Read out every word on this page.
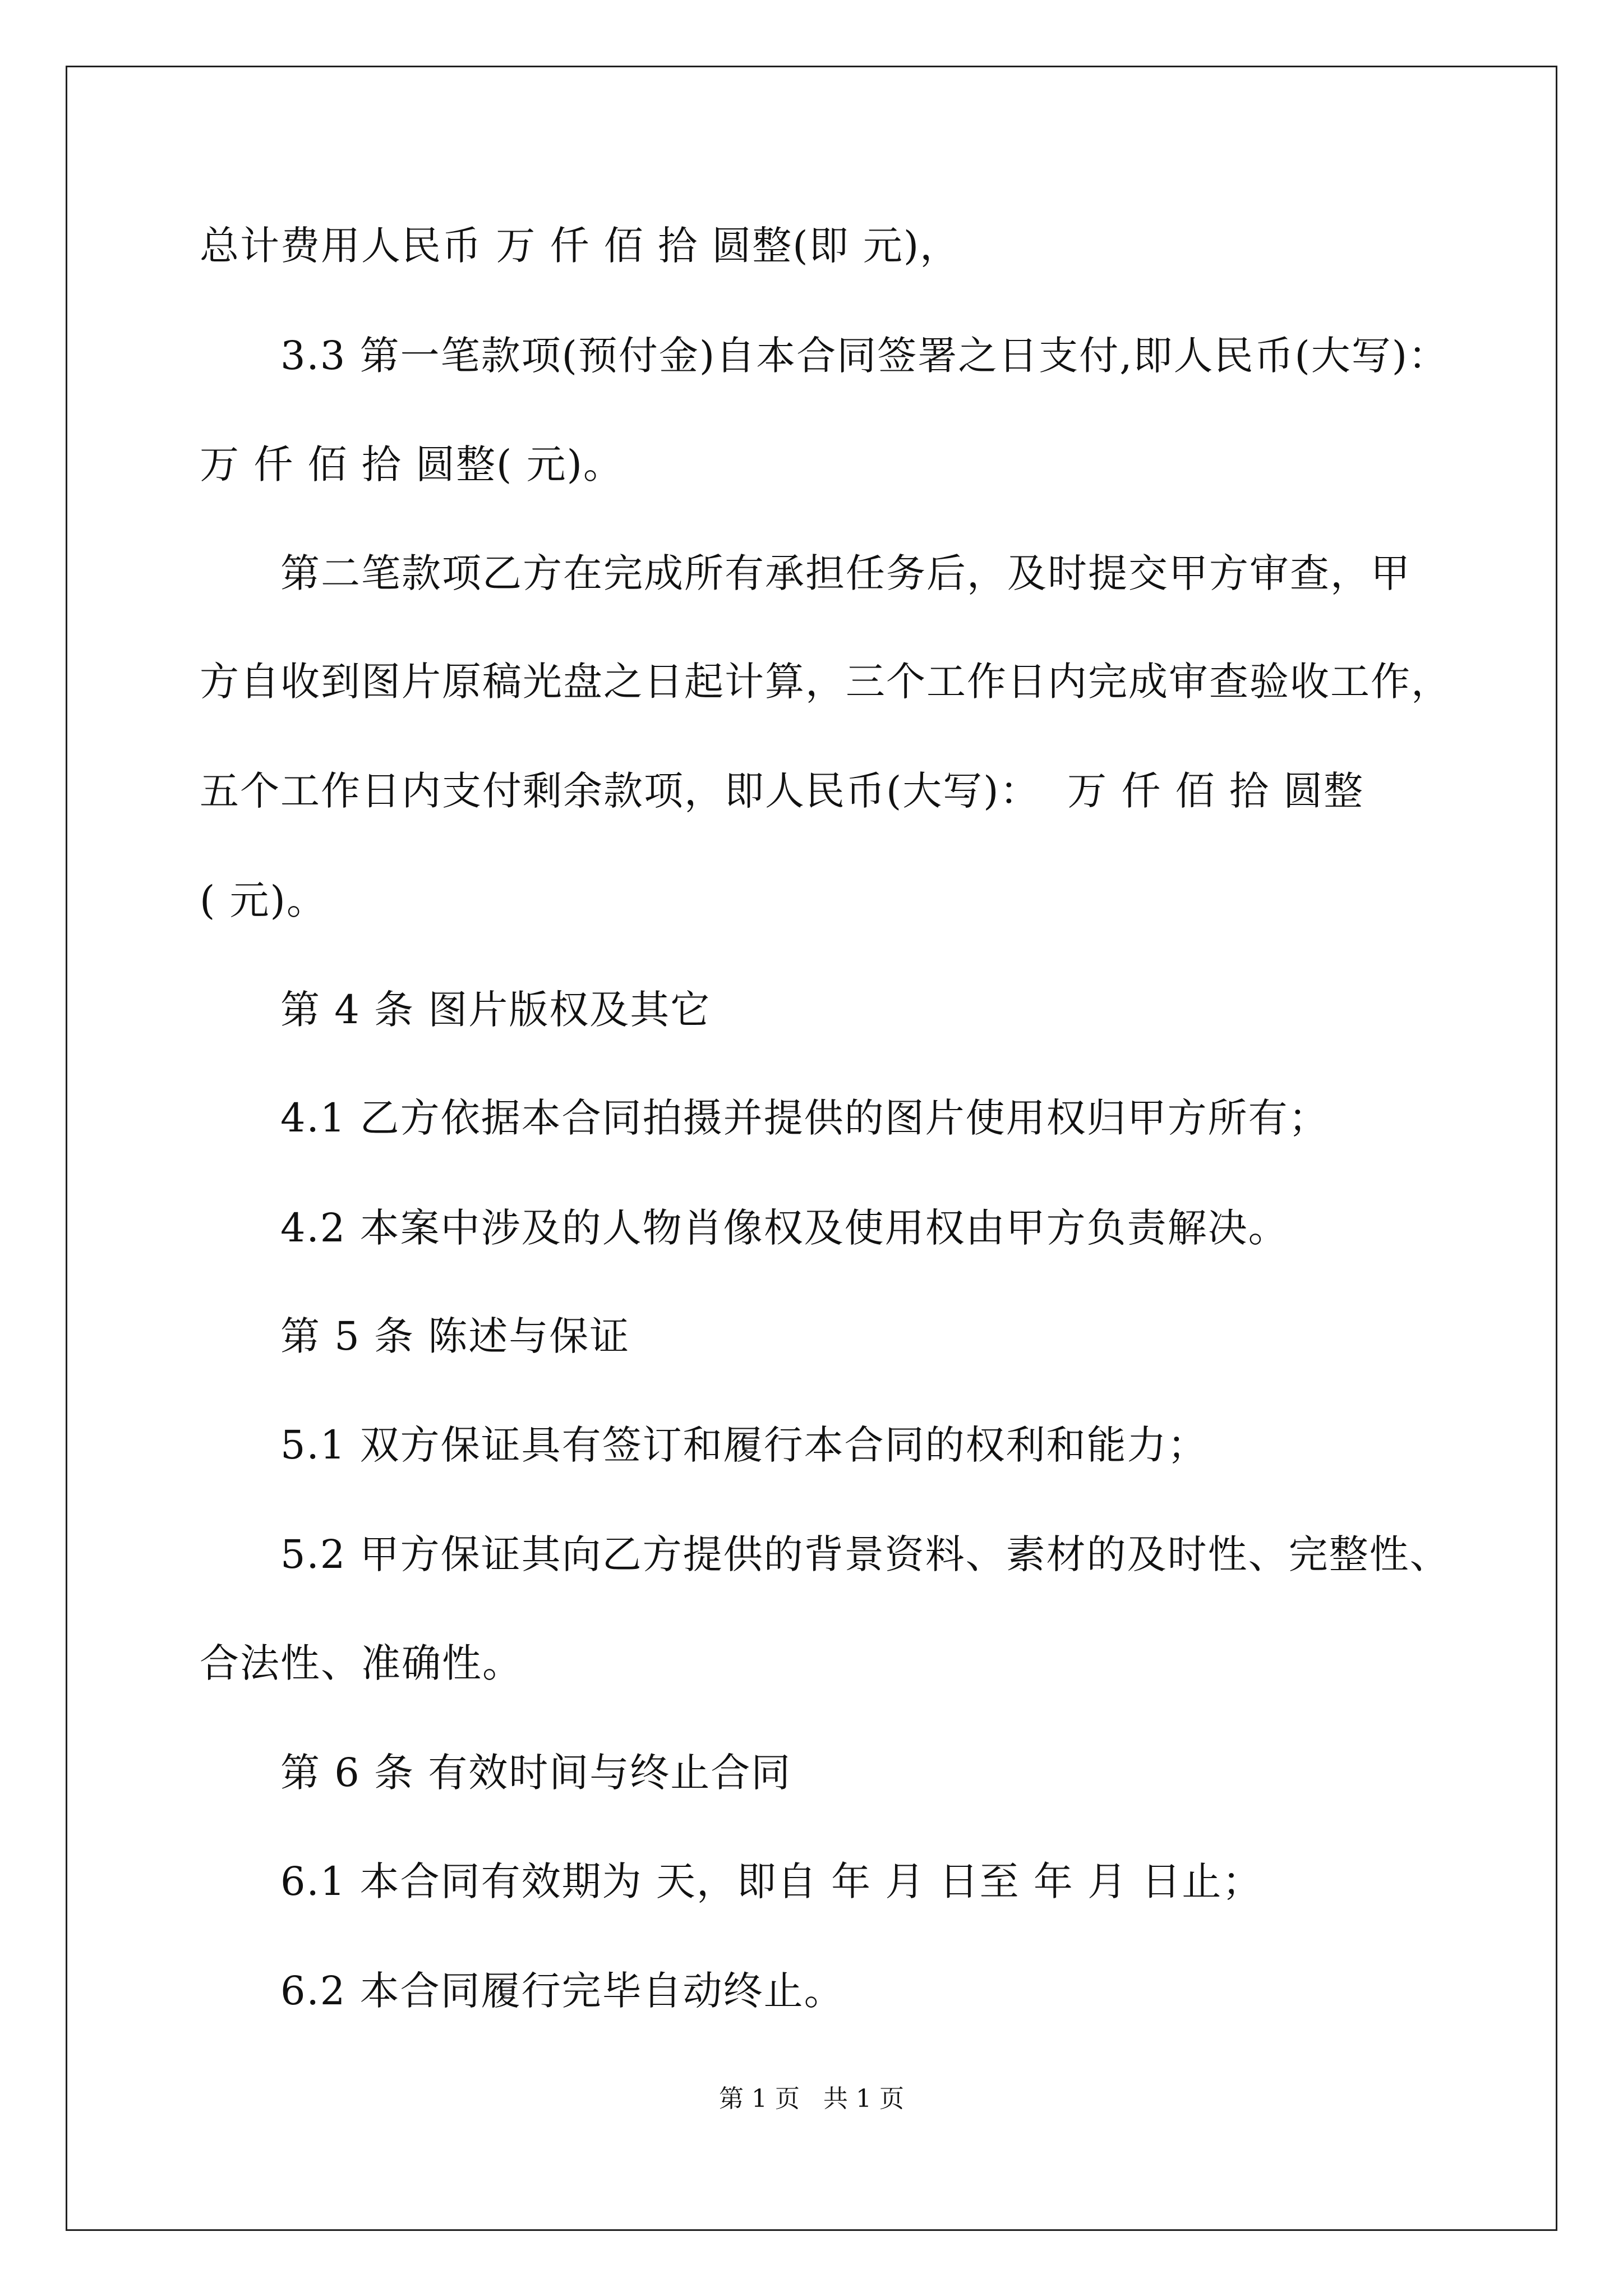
总计费用人民币 万 仟 佰 拾 圆整(即 元)，
3.3 第一笔款项(预付金)自本合同签署之日支付,即人民币(大写)：
万 仟 佰 拾 圆整( 元)。
第二笔款项乙方在完成所有承担任务后，及时提交甲方审查，甲
方自收到图片原稿光盘之日起计算，三个工作日内完成审查验收工作，
五个工作日内支付剩余款项，即人民币(大写)：  万 仟 佰 拾 圆整
( 元)。
第 4 条 图片版权及其它
4.1 乙方依据本合同拍摄并提供的图片使用权归甲方所有；
4.2 本案中涉及的人物肖像权及使用权由甲方负责解决。
第 5 条 陈述与保证
5.1 双方保证具有签订和履行本合同的权利和能力；
5.2 甲方保证其向乙方提供的背景资料、素材的及时性、完整性、
合法性、准确性。
第 6 条 有效时间与终止合同
6.1 本合同有效期为 天，即自 年 月 日至 年 月 日止；
6.2 本合同履行完毕自动终止。
第 1 页   共 1 页
